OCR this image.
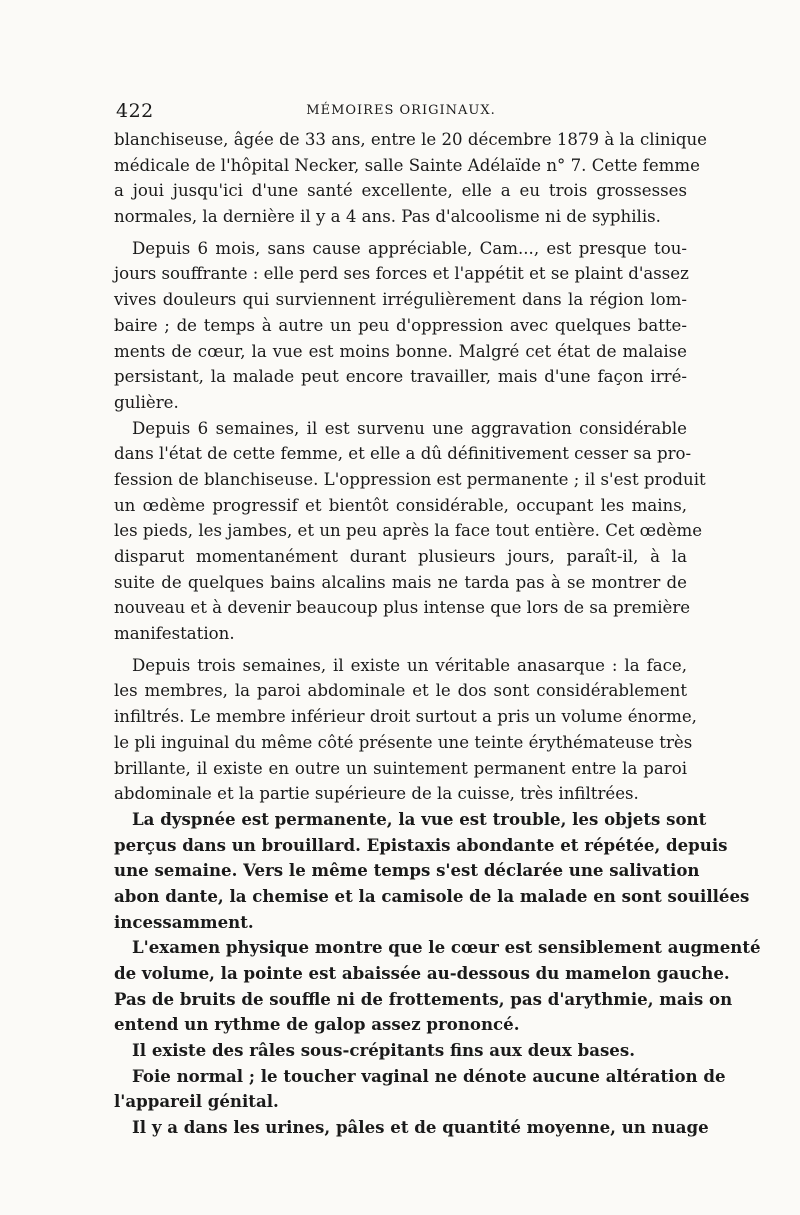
422	MÉMOIRES ORIGINAUX.
blanchiseuse, âgée de 33 ans, entre le 20 décembre 1879 à la clinique
médicale de l'hôpital Necker, salle Sainte Adélaïde n° 7. Cette femme
a joui jusqu'ici d'une santé excellente, elle a eu trois grossesses
normales, la dernière il y a 4 ans. Pas d'alcoolisme ni de syphilis.
Depuis 6 mois, sans cause appréciable, Cam..., est presque tou-
jours souffrante : elle perd ses forces et l'appétit et se plaint d'assez
vives douleurs qui surviennent irrégulièrement dans la région lom-
baire ; de temps à autre un peu d'oppression avec quelques batte-
ments de cœur, la vue est moins bonne. Malgré cet état de malaise
persistant, la malade peut encore travailler, mais d'une façon irré-
gulière.
Depuis 6 semaines, il est survenu une aggravation considérable
dans l'état de cette femme, et elle a dû définitivement cesser sa pro-
fession de blanchiseuse. L'oppression est permanente ; il s'est produit
un œdème progressif et bientôt considérable, occupant les mains,
les pieds, les jambes, et un peu après la face tout entière. Cet œdème
disparut momentanément durant plusieurs jours, paraît-il, à la
suite de quelques bains alcalins mais ne tarda pas à se montrer de
nouveau et à devenir beaucoup plus intense que lors de sa première
manifestation.
Depuis trois semaines, il existe un véritable anasarque : la face,
les membres, la paroi abdominale et le dos sont considérablement
infiltrés. Le membre inférieur droit surtout a pris un volume énorme,
le pli inguinal du même côté présente une teinte érythémateuse très
brillante, il existe en outre un suintement permanent entre la paroi
abdominale et la partie supérieure de la cuisse, très infiltrées.
La dyspnée est permanente, la vue est trouble, les objets sont
perçus dans un brouillard. Epistaxis abondante et répétée, depuis
une semaine. Vers le même temps s'est déclarée une salivation
abon dante, la chemise et la camisole de la malade en sont souillées
incessamment.
L'examen physique montre que le cœur est sensiblement augmenté
de volume, la pointe est abaissée au-dessous du mamelon gauche.
Pas de bruits de souffle ni de frottements, pas d'arythmie, mais on
entend un rythme de galop assez prononcé.
Il existe des râles sous-crépitants fins aux deux bases.
Foie normal ; le toucher vaginal ne dénote aucune altération de
l'appareil génital.
Il y a dans les urines, pâles et de quantité moyenne, un nuage
